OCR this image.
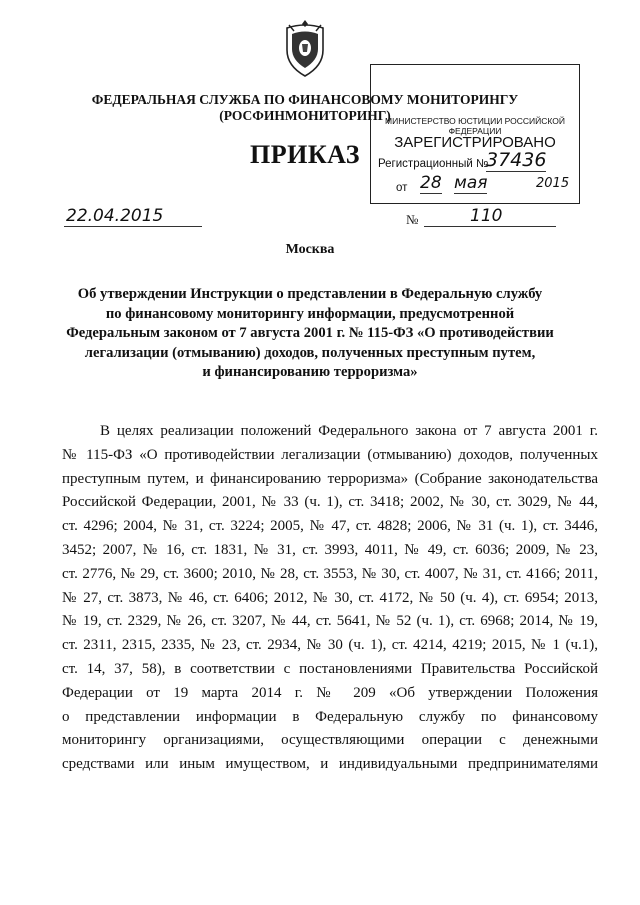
ФЕДЕРАЛЬНАЯ СЛУЖБА ПО ФИНАНСОВОМУ МОНИТОРИНГУ
(РОСФИНМОНИТОРИНГ)
ПРИКАЗ
МИНИСТЕРСТВО ЮСТИЦИИ РОССИЙСКОЙ ФЕДЕРАЦИИ
ЗАРЕГИСТРИРОВАНО
Регистрационный №
37436
от 28 мая	2015
22.04.2015	№	110
Москва
Об утверждении Инструкции о представлении в Федеральную службу
по финансовому мониторингу информации, предусмотренной
Федеральным законом от 7 августа 2001 г. № 115-ФЗ «О противодействии
легализации (отмыванию) доходов, полученных преступным путем,
и финансированию терроризма»
В целях реализации положений Федерального закона от 7 августа 2001 г.
№ 115-ФЗ «О противодействии легализации (отмыванию) доходов, полученных
преступным путем, и финансированию терроризма» (Собрание законодательства
Российской Федерации, 2001, № 33 (ч. 1), ст. 3418; 2002, № 30, ст. 3029, № 44,
ст. 4296; 2004, № 31, ст. 3224; 2005, № 47, ст. 4828; 2006, № 31 (ч. 1), ст. 3446,
3452; 2007, № 16, ст. 1831, № 31, ст. 3993, 4011, № 49, ст. 6036; 2009, № 23,
ст. 2776, № 29, ст. 3600; 2010, № 28, ст. 3553, № 30, ст. 4007, № 31, ст. 4166; 2011,
№ 27, ст. 3873, № 46, ст. 6406; 2012, № 30, ст. 4172, № 50 (ч. 4), ст. 6954; 2013,
№ 19, ст. 2329, № 26, ст. 3207, № 44, ст. 5641, № 52 (ч. 1), ст. 6968; 2014, № 19,
ст. 2311, 2315, 2335, № 23, ст. 2934, № 30 (ч. 1), ст. 4214, 4219; 2015, № 1 (ч.1),
ст. 14, 37, 58), в соответствии с постановлениями Правительства Российской
Федерации от 19 марта 2014 г. № 209 «Об утверждении Положения
о представлении информации в Федеральную службу по финансовому
мониторингу организациями, осуществляющими операции с денежными
средствами или иным имуществом, и индивидуальными предпринимателями
